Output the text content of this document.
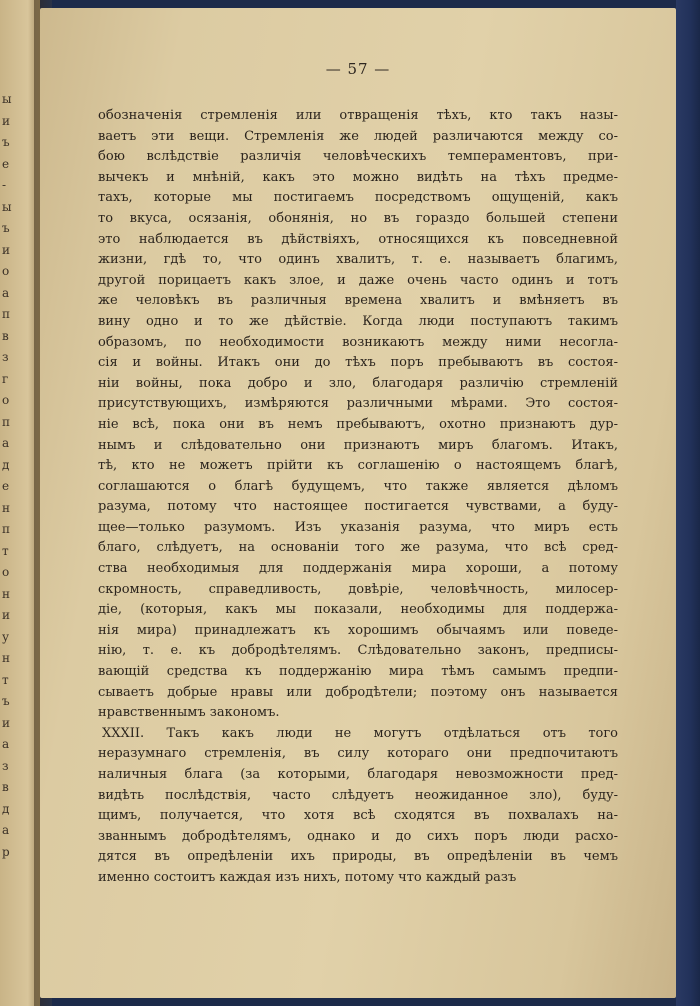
ы
и
ъ
е
-
ы
ъ
и
о
а
п
в
з
г
о
п
а
д
е
н
п
т
о
н
и
у
н
т
ъ
и
а
з
в
д
а
р
— 57 —
обозначенія стремленія или отвращенія тѣхъ, кто такъ назы-
ваетъ эти вещи. Стремленія же людей различаются между со-
бою вслѣдствіе различія человѣческихъ темпераментовъ, при-
вычекъ и мнѣній, какъ это можно видѣть на тѣхъ предме-
тахъ, которые мы постигаемъ посредствомъ ощущеній, какъ
то вкуса, осязанія, обонянія, но въ гораздо большей степени
это наблюдается въ дѣйствіяхъ, относящихся къ повседневной
жизни, гдѣ то, что одинъ хвалитъ, т. е. называетъ благимъ,
другой порицаетъ какъ злое, и даже очень часто одинъ и тотъ
же человѣкъ въ различныя времена хвалитъ и вмѣняетъ въ
вину одно и то же дѣйствіе. Когда люди поступаютъ такимъ
образомъ, по необходимости возникаютъ между ними несогла-
сія и войны. Итакъ они до тѣхъ поръ пребываютъ въ состоя-
ніи войны, пока добро и зло, благодаря различію стремленій
присутствующихъ, измѣряются различными мѣрами. Это состоя-
ніе всѣ, пока они въ немъ пребываютъ, охотно признаютъ дур-
нымъ и слѣдовательно они признаютъ миръ благомъ. Итакъ,
тѣ, кто не можетъ прійти къ соглашенію о настоящемъ благѣ,
соглашаются о благѣ будущемъ, что также является дѣломъ
разума, потому что настоящее постигается чувствами, а буду-
щее—только разумомъ. Изъ указанія разума, что миръ есть
благо, слѣдуетъ, на основаніи того же разума, что всѣ сред-
ства необходимыя для поддержанія мира хороши, а потому
скромность, справедливость, довѣріе, человѣчность, милосер-
діе, (которыя, какъ мы показали, необходимы для поддержа-
нія мира) принадлежатъ къ хорошимъ обычаямъ или поведе-
нію, т. е. къ добродѣтелямъ. Слѣдовательно законъ, предписы-
вающій средства къ поддержанію мира тѣмъ самымъ предпи-
сываетъ добрые нравы или добродѣтели; поэтому онъ называется
нравственнымъ закономъ.
XXXII. Такъ какъ люди не могутъ отдѣлаться отъ того
неразумнаго стремленія, въ силу котораго они предпочитаютъ
наличныя блага (за которыми, благодаря невозможности пред-
видѣть послѣдствія, часто слѣдуетъ неожиданное зло), буду-
щимъ, получается, что хотя всѣ сходятся въ похвалахъ на-
званнымъ добродѣтелямъ, однако и до сихъ поръ люди расхо-
дятся въ опредѣленіи ихъ природы, въ опредѣленіи въ чемъ
именно состоитъ каждая изъ нихъ, потому что каждый разъ
